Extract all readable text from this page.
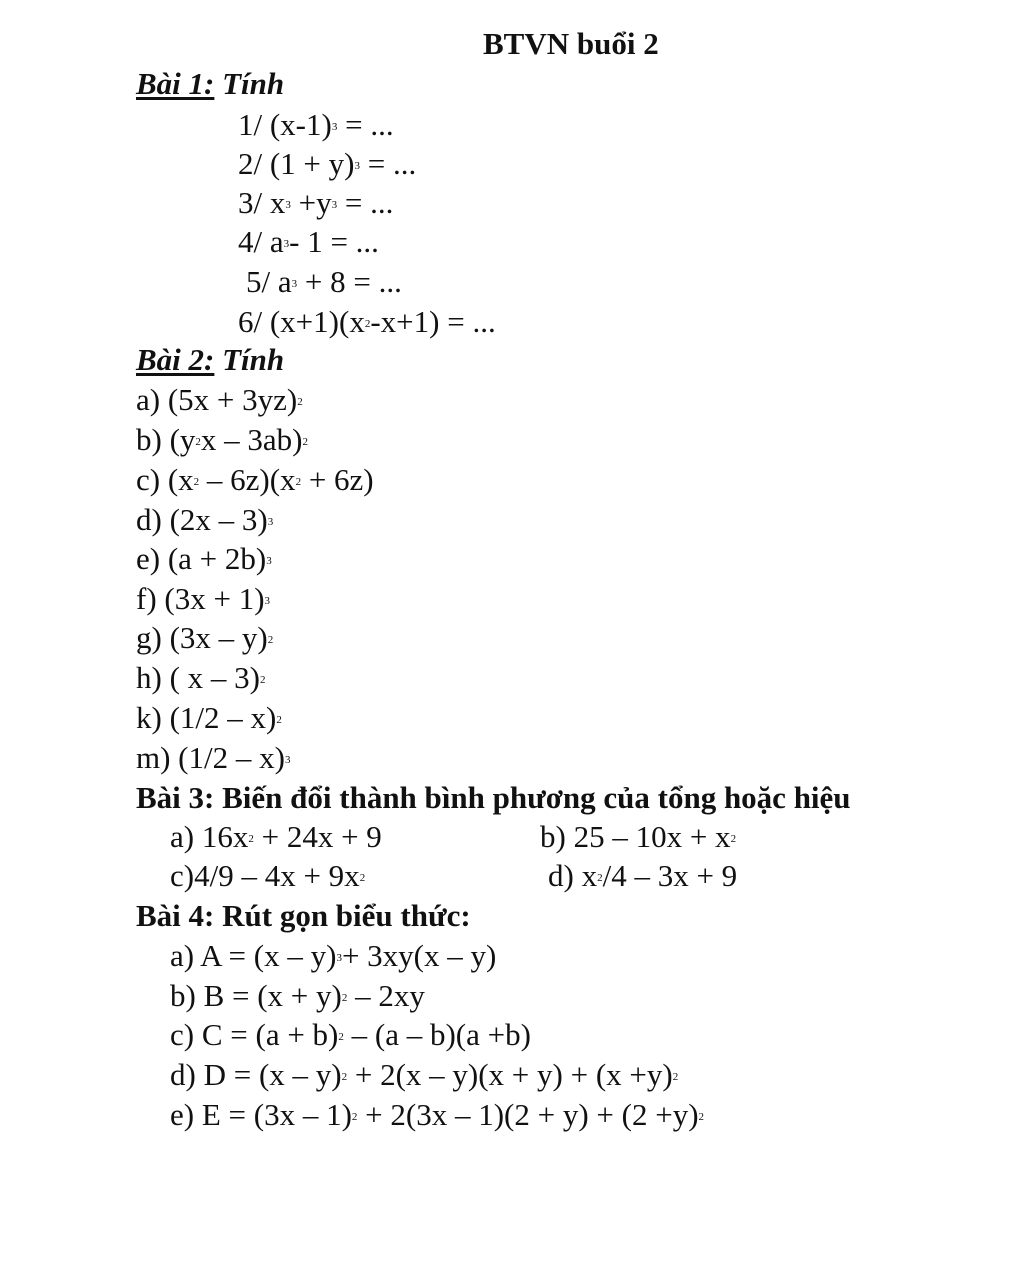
BTVN buổi 2
Bài 1: Tính
1/ $(x-1)^3$ = ...
2/ $(1 + y)^3$ = ...
3/ $x^3 +y^3$ = ...
4/ $a^3-$ 1 = ...
5/ $a^3 + 8$ = ...
6/ $(x+1)(x^2-x+1)$ = ...
Bài 2: Tính
a) $(5x + 3yz)^2$
b) $(y^2x - 3ab)^2$
c) $(x^2 - 6z)(x^2 + 6z)$
d) (2x – 3)$^3$
e) $(a + 2b)^3$
f) $(3x + 1)^3$
g) (3x – y)$^2$
h) ( x – 3)$^2$
k) (1/2 – x)$^2$
m) (1/2 – x)$^3$
Bài 3: Biến đổi thành bình phương của tổng hoặc hiệu
a) $16x^2 + 24x + 9$	b) $25 - 10x + x^2$
$c)4/9 - 4x + 9x^2$	d) $x^2/4 - 3x + 9$
Bài 4: Rút gọn biểu thức:
a) A = (x – y)$^3$+ 3xy(x – y)
b) $B = (x + y)^2 - 2xy$
c) $C = (a + b)^2 - (a - b)(a +b)$
d) $D = (x - y)^2 + 2(x - y)(x + y) + (x +y)^2$
e) $E = (3x - 1)^2 + 2(3x - 1)(2 + y) + (2 +y)^2$
